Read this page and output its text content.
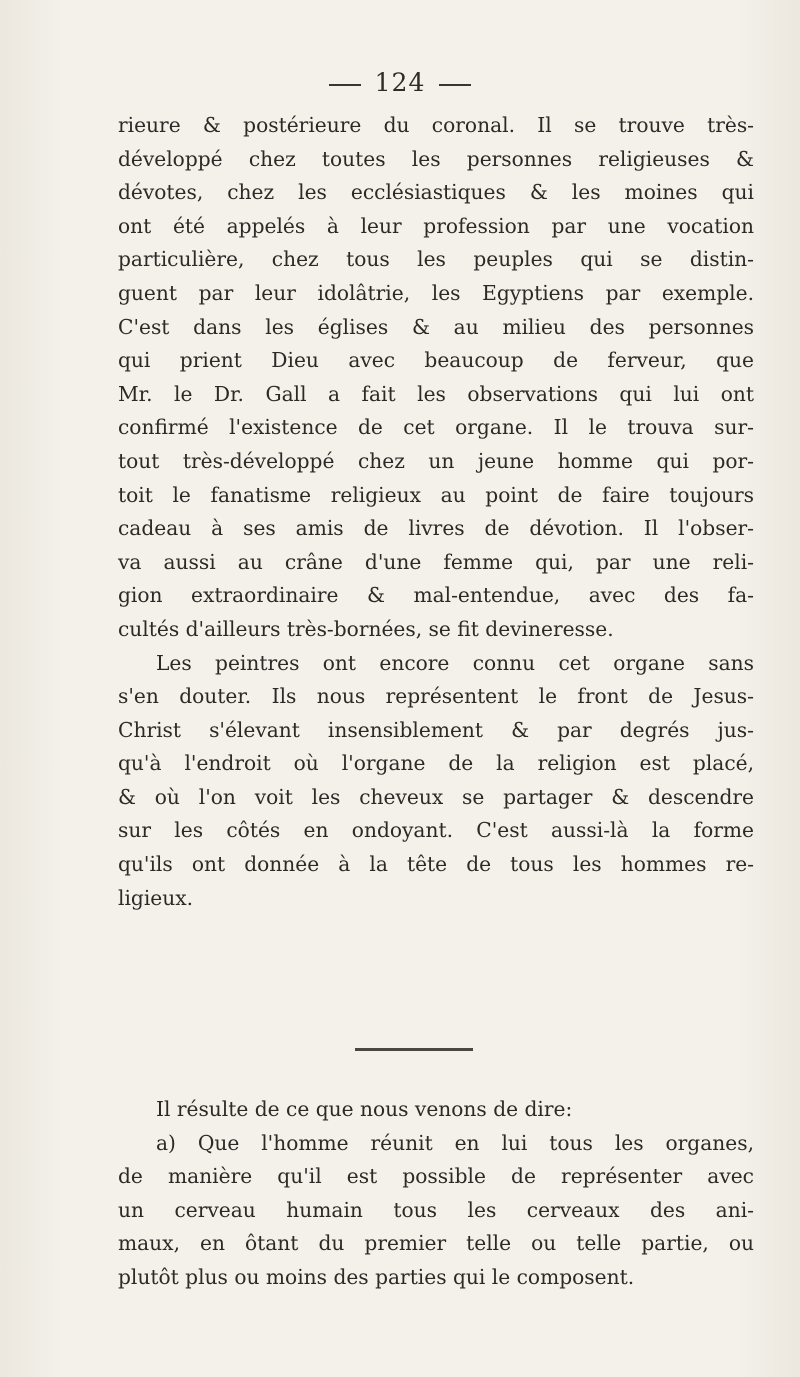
124
rieure & postérieure du coronal. Il se trouve très-
développé chez toutes les personnes religieuses &
dévotes, chez les ecclésiastiques & les moines qui
ont été appelés à leur profession par une vocation
particulière, chez tous les peuples qui se distin-
guent par leur idolâtrie, les Egyptiens par exemple.
C'est dans les églises & au milieu des personnes
qui prient Dieu avec beaucoup de ferveur, que
Mr. le Dr. Gall a fait les observations qui lui ont
confirmé l'existence de cet organe. Il le trouva sur-
tout très-développé chez un jeune homme qui por-
toit le fanatisme religieux au point de faire toujours
cadeau à ses amis de livres de dévotion. Il l'obser-
va aussi au crâne d'une femme qui, par une reli-
gion extraordinaire & mal-entendue, avec des fa-
cultés d'ailleurs très-bornées, se fit devineresse.
Les peintres ont encore connu cet organe sans
s'en douter. Ils nous représentent le front de Jesus-
Christ s'élevant insensiblement & par degrés jus-
qu'à l'endroit où l'organe de la religion est placé,
& où l'on voit les cheveux se partager & descendre
sur les côtés en ondoyant. C'est aussi-là la forme
qu'ils ont donnée à la tête de tous les hommes re-
ligieux.
Il résulte de ce que nous venons de dire:
a) Que l'homme réunit en lui tous les organes,
de manière qu'il est possible de représenter avec
un cerveau humain tous les cerveaux des ani-
maux, en ôtant du premier telle ou telle partie, ou
plutôt plus ou moins des parties qui le composent.
